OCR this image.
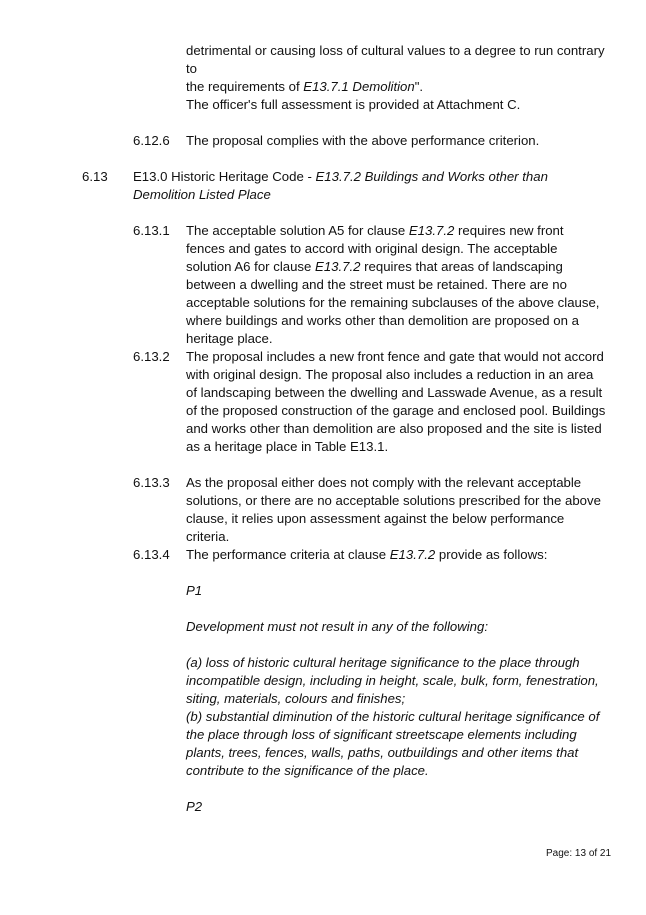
detrimental or causing loss of cultural values to a degree to run contrary to
the requirements of E13.7.1 Demolition".

The officer's full assessment is provided at Attachment C.
6.12.6 The proposal complies with the above performance criterion.
6.13 E13.0 Historic Heritage Code - E13.7.2 Buildings and Works other than Demolition Listed Place
6.13.1 The acceptable solution A5 for clause E13.7.2 requires new front fences and gates to accord with original design. The acceptable solution A6 for clause E13.7.2 requires that areas of landscaping between a dwelling and the street must be retained. There are no acceptable solutions for the remaining subclauses of the above clause, where buildings and works other than demolition are proposed on a heritage place.
6.13.2 The proposal includes a new front fence and gate that would not accord with original design. The proposal also includes a reduction in an area of landscaping between the dwelling and Lasswade Avenue, as a result of the proposed construction of the garage and enclosed pool. Buildings and works other than demolition are also proposed and the site is listed as a heritage place in Table E13.1.
6.13.3 As the proposal either does not comply with the relevant acceptable solutions, or there are no acceptable solutions prescribed for the above clause, it relies upon assessment against the below performance criteria.
6.13.4 The performance criteria at clause E13.7.2 provide as follows:
P1
Development must not result in any of the following:
(a) loss of historic cultural heritage significance to the place through incompatible design, including in height, scale, bulk, form, fenestration, siting, materials, colours and finishes;
(b) substantial diminution of the historic cultural heritage significance of the place through loss of significant streetscape elements including plants, trees, fences, walls, paths, outbuildings and other items that contribute to the significance of the place.
P2
Page: 13 of 21
